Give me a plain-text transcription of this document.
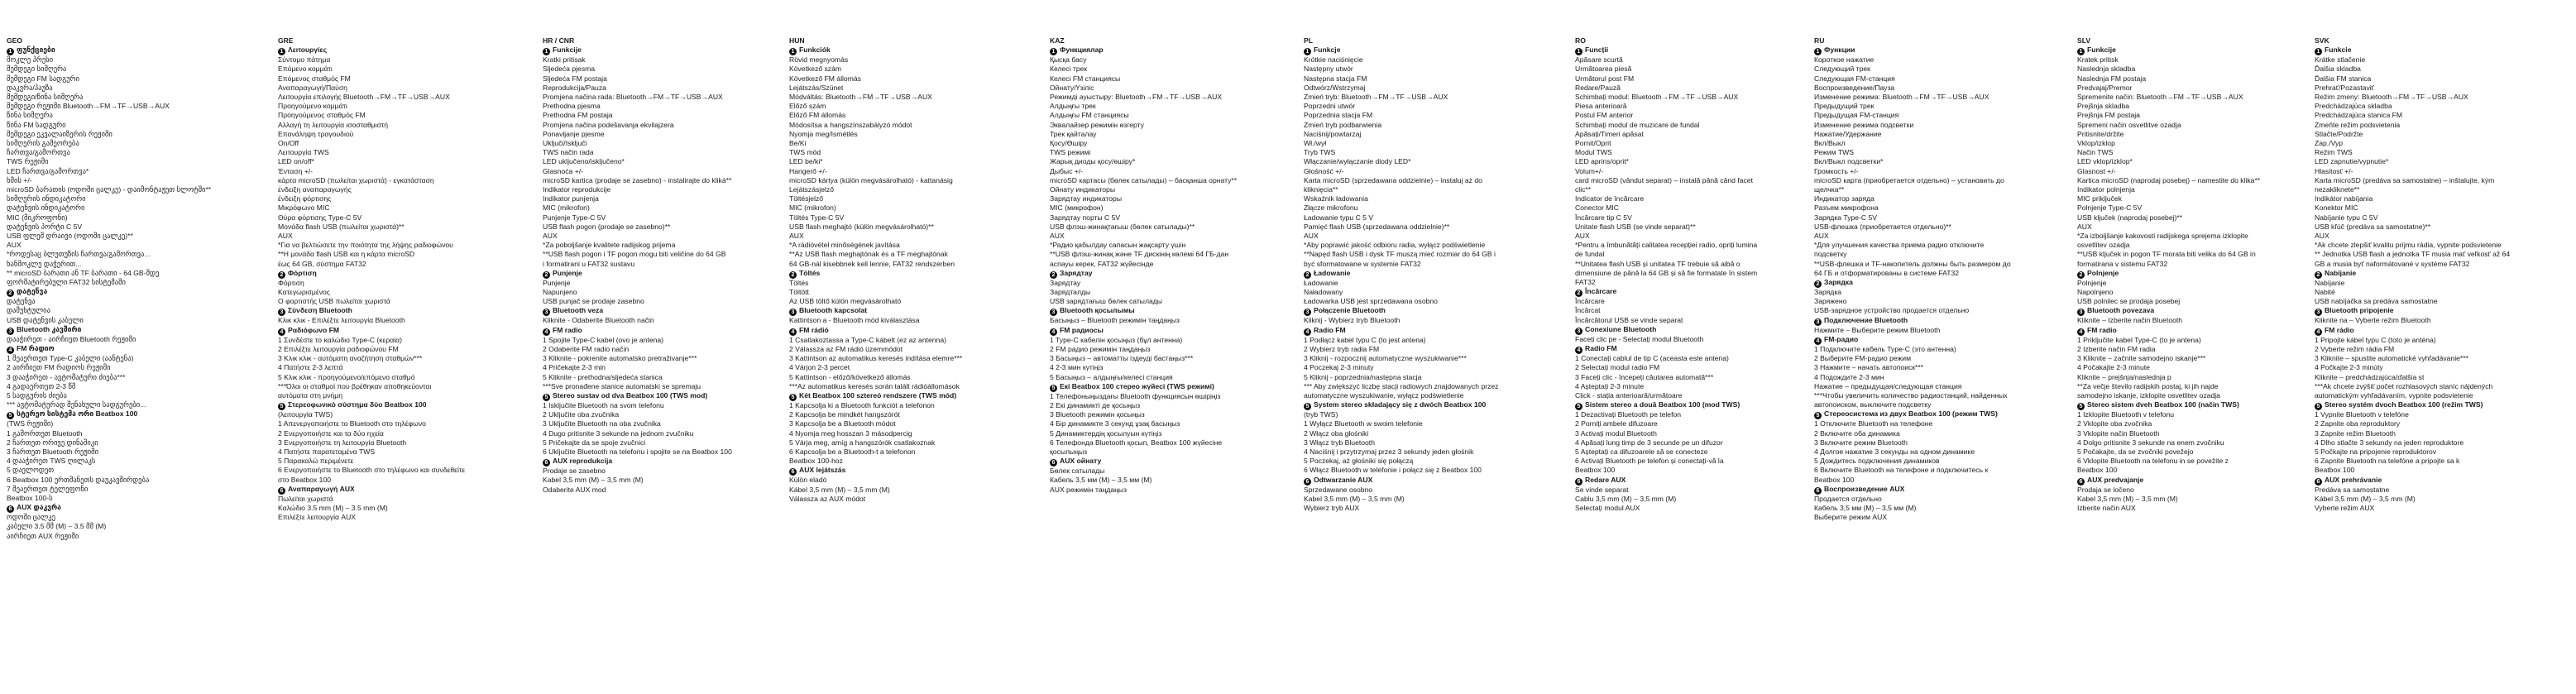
GEO
1 ფუნქციები
მოკლე პრესი
შემდეგი სიმღერა
შემდეგი FM სადგური
დაკვრა/პაუზა
შემდეგი/წინა სიმღერა
შემდეგი რეჟიმი Bluetooth→FM→TF→USB→AUX
წინა სიმღერა
წინა FM სადგური
შემდეგი ეკვალაიზერის რეჟიმი
სიმღერის გამეორება
ჩართვა/გამორთვა
TWS რეჟიმი
LED ჩართვა/გამორთვა*
ხმის +/-
microSD ბარათის (ოდოში ცალკე) - დაიმონტაჟეთ სლოტში**
სიმღერის ინდიკატორი
დატენვის ინდიკატორი
MIC (მიკროფონი)
დატენვის პორტი C 5V
USB ფლეშ დრაივი (ოდოში ცალკე)**
AUX
*როდესაც ბლუთუზის ჩართვა/გამორთვა...
ხანმოკლე დაჭერით...
** microSD ბარათი ან TF ბარათი - 64 GB-მდე
ფორმატირებული FAT32 სისტემაში
2 დატენვა
დატენვა
დამუხტულია
USB დატენვის კაბელი
3 Bluetooth კავშირი
დააჭირეთ - აირჩიეთ Bluetooth რეჟიმი
4 FM რადიო
1 შეაერთეთ Type-C კაბელი (აანტენა)
2 აირჩიეთ FM რადიოს რეჟიმი
3 დააჭირეთ - ავტომატური ძიება***
4 გადაერთეთ 2-3 წმ
5 სადგურის ძიება
*** ავტომატურად შენახული სადგურები...
5 სტერეო სისტემა ორი Beatbox 100
(TWS რეჟიმი)
1 გამორთეთ Bluetooth
2 ჩართეთ ორივე დინამიკი
3 ჩართეთ Bluetooth რეჟიმი
4 დააჭირეთ TWS ღილაკს
5 დაელოდეთ
6 Beatbox 100 ერთმანეთს დაუკავშირდება
7 შეაერთეთ ტელეფონი
Beatbox 100-ს
6 AUX დაკვრა
ოდოში ცალკე
კაბელი 3.5 მმ (M) – 3.5 მმ (M)
აირჩიეთ AUX რეჟიმი
GRE
1 Λειτουργίες
Σύντομο πάτημα
Επόμενο κομμάτι
Επόμενος σταθμός FM
Αναπαραγωγή/Παύση
Λειτουργία επιλογής Bluetooth→FM→TF→USB→AUX
Προηγούμενο κομμάτι
Προηγούμενος σταθμός FM
Αλλαγή τη λειτουργία ισοσταθμιστή
Επανάληψη τραγουδιού
On/Off
Λειτουργία TWS
LED on/off*
Ένταση +/-
κάρτα microSD (πωλείται χωριστά) - εγκατάσταση
ένδειξη αναπαραγωγής
ένδειξη φόρτισης
Μικρόφωνο MIC
Θύρα φόρτισης Type-C 5V
Μονάδα flash USB (πωλείται χωριστά)**
AUX
*Για να βελτιώσετε την ποιότητα της λήψης ραδιοφώνου
**Η μονάδα flash USB και η κάρτα microSD
έως 64 GB, σύστημα FAT32
2 Φόρτιση
Φόρτιση
Κατεγωρισμένος
Ο φορτιστής USB πωλείται χωριστά
3 Σύνδεση Bluetooth
Κλικ κλικ - Επιλέξτε λειτουργία Bluetooth
4 Ραδιόφωνο FM
1 Συνδέστε το καλώδιο Type-C (κεραία)
2 Επιλέξτε λειτουργία ραδιοφώνου FM
3 Κλικ κλικ - αυτόματη αναζήτηση σταθμών***
4 Πατήστε 2-3 λεπτά
5 Κλικ κλικ - προηγούμενο/επόμενο σταθμό
***Όλοι οι σταθμοί που βρέθηκαν αποθηκεύονται
αυτόματα στη μνήμη
5 Στερεοφωνικό σύστημα δύο Beatbox 100
(λειτουργία TWS)
1 Απενεργοποιήστε το Bluetooth στο τηλέφωνο
2 Ενεργοποιήστε και τα δύο ηχεία
3 Ενεργοποιήστε τη λειτουργία Bluetooth
4 Πατήστε παρατεταμένα TWS
5 Παρακαλώ περιμένετε
6 Ενεργοποιήστε το Bluetooth στο τηλέφωνο και συνδεθείτε
στο Beatbox 100
6 Αναπαραγωγή AUX
Πωλείται χωριστά
Καλώδιο 3.5 mm (M) – 3.5 mm (M)
Επιλέξτε λειτουργία AUX
HR / CNR
1 Funkcije
Kratki pritisak
Sljedeća pjesma
Sljedeća FM postaja
Reprodukcija/Pauza
Promjena načina rada: Bluetooth→FM→TF→USB→AUX
Prethodna pjesma
Prethodna FM postaja
Promjena načina podešavanja ekvilajzera
Ponavljanje pjesme
Uključi/Isključi
TWS način rada
LED uključeno/isključeno*
Glasnoća +/-
microSD kartica (prodaje se zasebno) - instalirajte do kliká**
Indikator reprodukcije
Indikator punjenja
MIC (mikrofon)
Punjenje Type-C 5V
USB flash pogon (prodaje se zasebno)**
AUX
*Za poboljšanje kvalitete radijskog prijema
**USB flash pogon i TF pogon mogu biti veličine do 64 GB
i formatirani u FAT32 sustavu
2 Punjenje
Punjenje
Napunjeno
USB punjač se prodaje zasebno
3 Bluetooth veza
Kliknite - Odaberite Bluetooth način
4 FM radio
1 Spojite Type-C kabel (ovo je antena)
2 Odaberite FM radio način
3 Kliknite - pokrenite automatsko pretraživanje***
4 Pričekajte 2-3 min
5 Kliknite - prethodna/sljedeća stanica
***Sve pronađene stanice automatski se spremaju
5 Stereo sustav od dva Beatbox 100 (TWS mod)
1 Isključite Bluetooth na svom telefonu
2 Uključite oba zvučnika
3 Uključite Bluetooth na oba zvučnika
4 Dugo pritisnite 3 sekunde na jednom zvučniku
5 Pričekajte da se spoje zvučnici
6 Uključite Bluetooth na telefonu i spojite se na Beatbox 100
6 AUX reprodukcija
Prodaje se zasebno
Kabel 3,5 mm (M) – 3,5 mm (M)
Odaberite AUX mod
HUN
1 Funkciók
Rövid megnyomás
Következő szám
Következő FM állomás
Lejátszás/Szünet
Módváltás: Bluetooth→FM→TF→USB→AUX
Előző szám
Előző FM állomás
Módosítsa a hangszínszabályzó módot
Nyomja meg/Ismétlés
Be/Ki
TWS mód
LED be/ki*
Hangerő +/-
microSD kártya (külön megvásárolható) - kattanásig
Lejátszásjelző
Töltésjelző
MIC (mikrofon)
Töltés Type-C 5V
USB flash meghajtó (külön megvásárolható)**
AUX
*A rádióvétel minőségének javítása
**Az USB flash meghajtónak és a TF meghajtónak
64 GB-nál kisebbnek kell lennie, FAT32 rendszerben
2 Töltés
Töltés
Töltött
Az USB töltő külön megvásárolható
3 Bluetooth kapcsolat
Kattintson a - Bluetooth mód kiválasztása
4 FM rádió
1 Csatlakoztassa a Type-C kábelt (ez az antenna)
2 Válassza az FM rádió üzemmódot
3 Kattintson az automatikus keresés indítása elemre***
4 Várjon 2-3 percet
5 Kattintson - előző/következő állomás
***Az automatikus keresés során talált rádióállomások
5 Két Beatbox 100 sztereó rendszere (TWS mód)
1 Kapcsolja ki a Bluetooth funkciót a telefonon
2 Kapcsolja be mindkét hangszórót
3 Kapcsolja be a Bluetooth módot
4 Nyomja meg hosszan 3 másodpercig
5 Várja meg, amíg a hangszórók csatlakoznak
6 Kapcsolja be a Bluetooth-t a telefonon
Beatbox 100-hoz
6 AUX lejátszás
Külön eladó
Kábel 3,5 mm (M) – 3,5 mm (M)
Válassza az AUX módot
KAZ
1 Функциялар
Қысқа басу
Келесі трек
Келесі FM станциясы
Ойнату/Үзіліс
Режимді ауыстыру: Bluetooth→FM→TF→USB→AUX
Алдыңғы трек
Алдыңғы FM станциясы
Эквалайзер режимін өзгерту
Трек қайталау
Қосу/Өшіру
TWS режимі
Жарық диоды қосу/өшіру*
Дыбыс +/-
microSD картасы (бөлек сатылады) – басқанша орнату**
Ойнату индикаторы
Зарядтау индикаторы
MIC (микрофон)
Зарядтау порты C 5V
USB флэш-жинақтағыш (бөлек сатылады)**
AUX
*Радио қабылдау сапасын жақсарту үшін
**USB флэш-жинақ және TF дискінің көлемі 64 ГБ-дан
аспауы керек, FAT32 жүйесінде
2 Зарядтау
Зарядтау
Зарядталды
USB зарядтағыш бөлек сатылады
3 Bluetooth қосылымы
Басыңыз – Bluetooth режимін таңдаңыз
4 FM радиосы
1 Type-C кабелін қосыңыз (бұл антенна)
2 FM радио режимін таңдаңыз
3 Басыңыз – автоматты іздеуді бастаңыз***
4 2-3 мин күтіңіз
5 Басыңыз – алдыңғы/келесі станция
5 Екі Beatbox 100 стерео жүйесі (TWS режимі)
1 Телефоныңыздағы Bluetooth функциясын өшіріңіз
2 Екі динамикті де қосыңыз
3 Bluetooth режимін қосыңыз
4 Бір динамикте 3 секунд ұзақ басыңыз
5 Динамиктердің қосылуын күтіңіз
6 Телефонда Bluetooth қосып, Beatbox 100 жүйесіне
қосылыңыз
6 AUX ойнату
Бөлек сатылады
Кабель 3,5 мм (M) – 3,5 мм (M)
AUX режимін таңдаңыз
PL
1 Funkcje
Krótkie naciśnięcie
Następny utwór
Następna stacja FM
Odtwórz/Wstrzymaj
Zmień tryb: Bluetooth→FM→TF→USB→AUX
Poprzedni utwór
Poprzednia stacja FM
Zmień tryb podbarwienia
Naciśnij/powtarzaj
Wł./wył
Tryb TWS
Włączanie/wyłączanie diody LED*
Głośność +/-
Karta microSD (sprzedawana oddzielnie) – instaluj aż do
kliknięcia**
Wskaźnik ładowania
Złącze mikrofonu
Ładowanie typu C 5 V
Pamięć flash USB (sprzedawana oddzielnie)**
AUX
*Aby poprawić jakość odbioru radia, wyłącz podświetlenie
**Napęd flash USB i dysk TF muszą mieć rozmiar do 64 GB i
być sformatowane w systemie FAT32
2 Ładowanie
Ładowanie
Naładowany
Ładowarka USB jest sprzedawana osobno
3 Połączenie Bluetooth
Kliknij - Wybierz tryb Bluetooth
4 Radio FM
1 Podłącz kabel typu C (to jest antena)
2 Wybierz tryb radia FM
3 Kliknij - rozpocznij automatyczne wyszukiwanie***
4 Poczekaj 2-3 minuty
5 Kliknij - poprzednia/następna stacja
*** Aby zwiększyć liczbę stacji radiowych znajdowanych przez
automatyczne wyszukiwanie, wyłącz podświetlenie
5 System stereo składający się z dwóch Beatbox 100
(tryb TWS)
1 Wyłącz Bluetooth w swoim telefonie
2 Włącz oba głośniki
3 Włącz tryb Bluetooth
4 Naciśnij i przytrzymaj przez 3 sekundy jeden głośnik
5 Poczekaj, aż głośniki się połączą
6 Włącz Bluetooth w telefonie i połącz się z Beatbox 100
6 Odtwarzanie AUX
Sprzedawane osobno
Kabel 3,5 mm (M) – 3,5 mm (M)
Wybierz tryb AUX
RO
1 Funcții
Apăsare scurtă
Următoarea piesă
Următorul post FM
Redare/Pauză
Schimbați modul: Bluetooth→FM→TF→USB→AUX
Piesa anterioară
Postul FM anterior
Schimbați modul de muzicare de fundal
Apăsați/Timeri apăsat
Pornit/Oprit
Modul TWS
LED aprins/oprit*
Volum+/-
card microSD (vândut separat) – instală până când facet
clic**
Indicator de încărcare
Conector MIC
Încărcare tip C 5V
Unitate flash USB (se vinde separat)**
AUX
*Pentru a îmbunătăți calitatea recepției radio, opriți lumina
de fundal
**Unitatea flash USB și unitatea TF trebuie să aibă o
dimensiune de până la 64 GB și să fie formatate în sistem
FAT32
2 Încărcare
Încărcare
Încărcat
Încărcătorul USB se vinde separat
3 Conexiune Bluetooth
Faceți clic pe - Selectați modul Bluetooth
4 Radio FM
1 Conectați cablul de tip C (aceasta este antena)
2 Selectați modul radio FM
3 Faceți clic - începeți căutarea automată***
4 Așteptați 2-3 minute
Click - stația anterioară/următoare
5 Sistem stereo a două Beatbox 100 (mod TWS)
1 Dezactivați Bluetooth pe telefon
2 Porniți ambele difuzoare
3 Activați modul Bluetooth
4 Apăsați lung timp de 3 secunde pe un difuzor
5 Așteptați ca difuzoarele să se conecteze
6 Activați Bluetooth pe telefon și conectați-vă la
Beatbox 100
6 Redare AUX
Se vinde separat
Cablu 3,5 mm (M) – 3,5 mm (M)
Selectați modul AUX
RU
1 Функции
Короткое нажатие
Следующий трек
Следующая FM-станция
Воспроизведение/Пауза
Изменение режима: Bluetooth→FM→TF→USB→AUX
Предыдущий трек
Предыдущая FM-станция
Изменение режима подсветки
Нажатие/Удержание
Вкл/Выкл
Режим TWS
Вкл/Выкл подсветки*
Громкость +/-
microSD карта (приобретается отдельно) – установить до
щелчка**
Индикатор заряда
Разъем микрофона
Зарядка Type-C 5V
USB-флешка (приобретается отдельно)**
AUX
*Для улучшения качества приема радио отключите
подсветку
**USB-флешка и TF-накопитель должны быть размером до
64 ГБ и отформатированы в системе FAT32
2 Зарядка
Зарядка
Заряжено
USB-зарядное устройство продается отдельно
3 Подключение Bluetooth
Нажмите – Выберите режим Bluetooth
4 FM-радио
1 Подключите кабель Type-C (это антенна)
2 Выберите FM-радио режим
3 Нажмите – начать автопоиск***
4 Подождите 2-3 мин
Нажатие – предыдущая/следующая станция
***Чтобы увеличить количество радиостанций, найденных
автопоиском, выключите подсветку
5 Стереосистема из двух Beatbox 100 (режим TWS)
1 Отключите Bluetooth на телефоне
2 Включите оба динамика
3 Включите режим Bluetooth
4 Долгое нажатие 3 секунды на одном динамике
5 Дождитесь подключения динамиков
6 Включите Bluetooth на телефоне и подключитесь к
Beatbox 100
6 Воспроизведение AUX
Продается отдельно
Кабель 3,5 мм (M) – 3,5 мм (M)
Выберите режим AUX
SLV
1 Funkcije
Kratek pritisk
Naslednja skladba
Naslednja FM postaja
Predvajaj/Premor
Spremenite način: Bluetooth→FM→TF→USB→AUX
Prejšnja skladba
Prejšnja FM postaja
Spremeni način osvetlitve ozadja
Pritisnite/držite
Vklop/izklop
Način TWS
LED vklop/izklop*
Glasnost +/-
Kartica microSD (naprodaj posebej) – namestite do klika**
Indikator polnjenja
MIC priključek
Polnjenje Type-C 5V
USB ključek (naprodaj posebej)**
AUX
*Za izboljšanje kakovosti radijskega sprejema izklopite
osvetlitev ozadja
**USB ključek in pogon TF morata biti velika do 64 GB in
formatirana v sistemu FAT32
2 Polnjenje
Polnjenje
Napolnjeno
USB polnilec se prodaja posebej
3 Bluetooth povezava
Kliknite – Izberite način Bluetooth
4 FM radio
1 Priključite kabel Type-C (to je antena)
2 Izberite način FM radia
3 Kliknite – začnite samodejno iskanje***
4 Počakajte 2-3 minute
Kliknite – prejšnja/naslednja p
**Za večje število radijskih postaj, ki jih najde
samodejno iskanje, izklopite osvetlitev ozadja
5 Stereo sistem dveh Beatbox 100 (način TWS)
1 Izklopite Bluetooth v telefonu
2 Vklopite oba zvočnika
3 Vklopite način Bluetooth
4 Dolgo pritisnite 3 sekunde na enem zvočniku
5 Počakajte, da se zvočniki povežejo
6 Vklopite Bluetooth na telefonu in se povežite z
Beatbox 100
6 AUX predvajanje
Prodaja se ločeno
Kabel 3,5 mm (M) – 3,5 mm (M)
Izberite način AUX
SVK
1 Funkcie
Krátke stlačenie
Ďalšia skladba
Ďalšia FM stanica
Prehrať/Pozastaviť
Režim zmeny: Bluetooth→FM→TF→USB→AUX
Predchádzajúca skladba
Predchádzajúca stanica FM
Zmeňte režim podsvietenia
Stlačte/Podržte
Zap./Vyp
Režim TWS
LED zapnutie/vypnutie*
Hlasitosť +/-
Karta microSD (predáva sa samostatne) – inštalujte, kým
nezakliknete**
Indikátor nabíjania
Konektor MIC
Nabíjanie typu C 5V
USB kľúč (predáva sa samostatne)**
AUX
*Ak chcete zlepšiť kvalitu príjmu rádia, vypnite podsvietenie
** Jednotka USB flash a jednotka TF musia mať veľkosť až 64
GB a musia byť naformátované v systéme FAT32
2 Nabíjanie
Nabíjanie
Nabité
USB nabíjačka sa predáva samostatne
3 Bluetooth pripojenie
Kliknite na – Vyberte režim Bluetooth
4 FM rádio
1 Pripojte kábel typu C (toto je anténa)
2 Vyberte režim rádia FM
3 Kliknite – spustite automatické vyhľadávanie***
4 Počkajte 2-3 minúty
Kliknite – predchádzajúca/ďalšia st
***Ak chcete zvýšiť počet rozhlasových staníc nájdených
automatickým vyhľadávaním, vypnite podsvietenie
5 Stereo systém dvoch Beatbox 100 (režim TWS)
1 Vypnite Bluetooth v telefóne
2 Zapnite oba reproduktory
3 Zapnite režim Bluetooth
4 Dlho stlačte 3 sekundy na jeden reproduktore
5 Počkajte na pripojenie reproduktorov
6 Zapnite Bluetooth na telefóne a pripojte sa k
Beatbox 100
6 AUX prehrávanie
Predáva sa samostatne
Kábel 3,5 mm (M) – 3,5 mm (M)
Vyberte režim AUX
